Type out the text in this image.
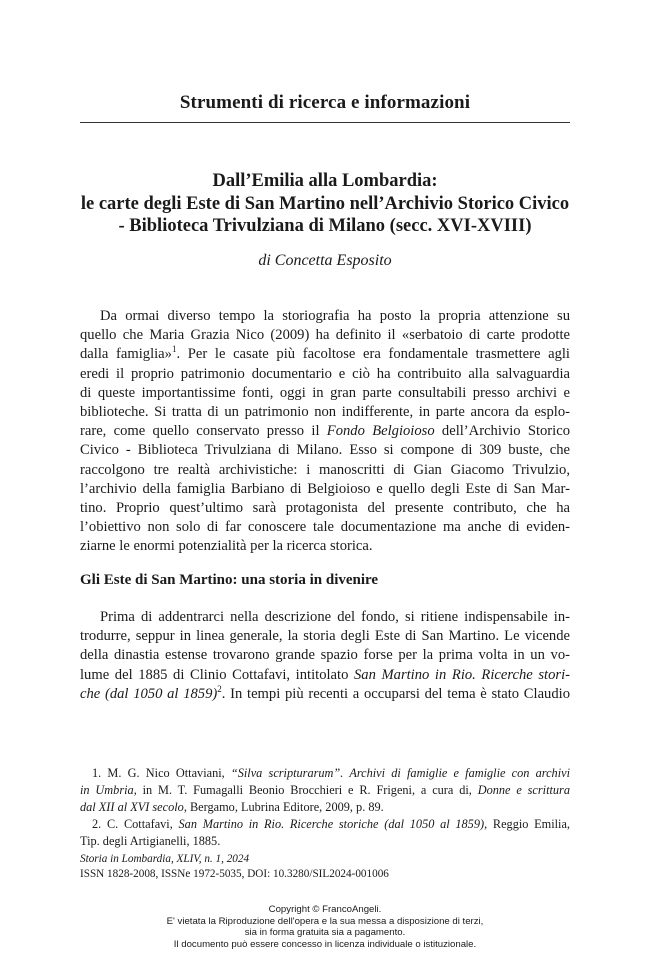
Strumenti di ricerca e informazioni
Dall’Emilia alla Lombardia:
le carte degli Este di San Martino nell’Archivio Storico Civico
- Biblioteca Trivulziana di Milano (secc. XVI-XVIII)
di Concetta Esposito
Da ormai diverso tempo la storiografia ha posto la propria attenzione su
quello che Maria Grazia Nico (2009) ha definito il «serbatoio di carte prodotte
dalla famiglia»$^1$. Per le casate più facoltose era fondamentale trasmettere agli
eredi il proprio patrimonio documentario e ciò ha contribuito alla salvaguardia
di queste importantissime fonti, oggi in gran parte consultabili presso archivi e
biblioteche. Si tratta di un patrimonio non indifferente, in parte ancora da esplo-
rare, come quello conservato presso il Fondo Belgioioso dell’Archivio Storico
Civico - Biblioteca Trivulziana di Milano. Esso si compone di 309 buste, che
raccolgono tre realtà archivistiche: i manoscritti di Gian Giacomo Trivulzio,
l’archivio della famiglia Barbiano di Belgioioso e quello degli Este di San Mar-
tino. Proprio quest’ultimo sarà protagonista del presente contributo, che ha
l’obiettivo non solo di far conoscere tale documentazione ma anche di eviden-
ziarne le enormi potenzialità per la ricerca storica.
Gli Este di San Martino: una storia in divenire
Prima di addentrarci nella descrizione del fondo, si ritiene indispensabile in-
trodurre, seppur in linea generale, la storia degli Este di San Martino. Le vicende
della dinastia estense trovarono grande spazio forse per la prima volta in un vo-
lume del 1885 di Clinio Cottafavi, intitolato San Martino in Rio. Ricerche stori-
che (dal 1050 al 1859)$^2$. In tempi più recenti a occuparsi del tema è stato Claudio
1. M. G. Nico Ottaviani, “Silva scripturarum”. Archivi di famiglie e famiglie con archivi
in Umbria, in M. T. Fumagalli Beonio Brocchieri e R. Frigeni, a cura di, Donne e scrittura
dal XII al XVI secolo, Bergamo, Lubrina Editore, 2009, p. 89.
2. C. Cottafavi, San Martino in Rio. Ricerche storiche (dal 1050 al 1859), Reggio Emilia,
Tip. degli Artigianelli, 1885.
Storia in Lombardia, XLIV, n. 1, 2024
ISSN 1828-2008, ISSNe 1972-5035, DOI: 10.3280/SIL2024-001006
Copyright © FrancoAngeli.
E' vietata la Riproduzione dell'opera e la sua messa a disposizione di terzi,
sia in forma gratuita sia a pagamento.
Il documento può essere concesso in licenza individuale o istituzionale.
